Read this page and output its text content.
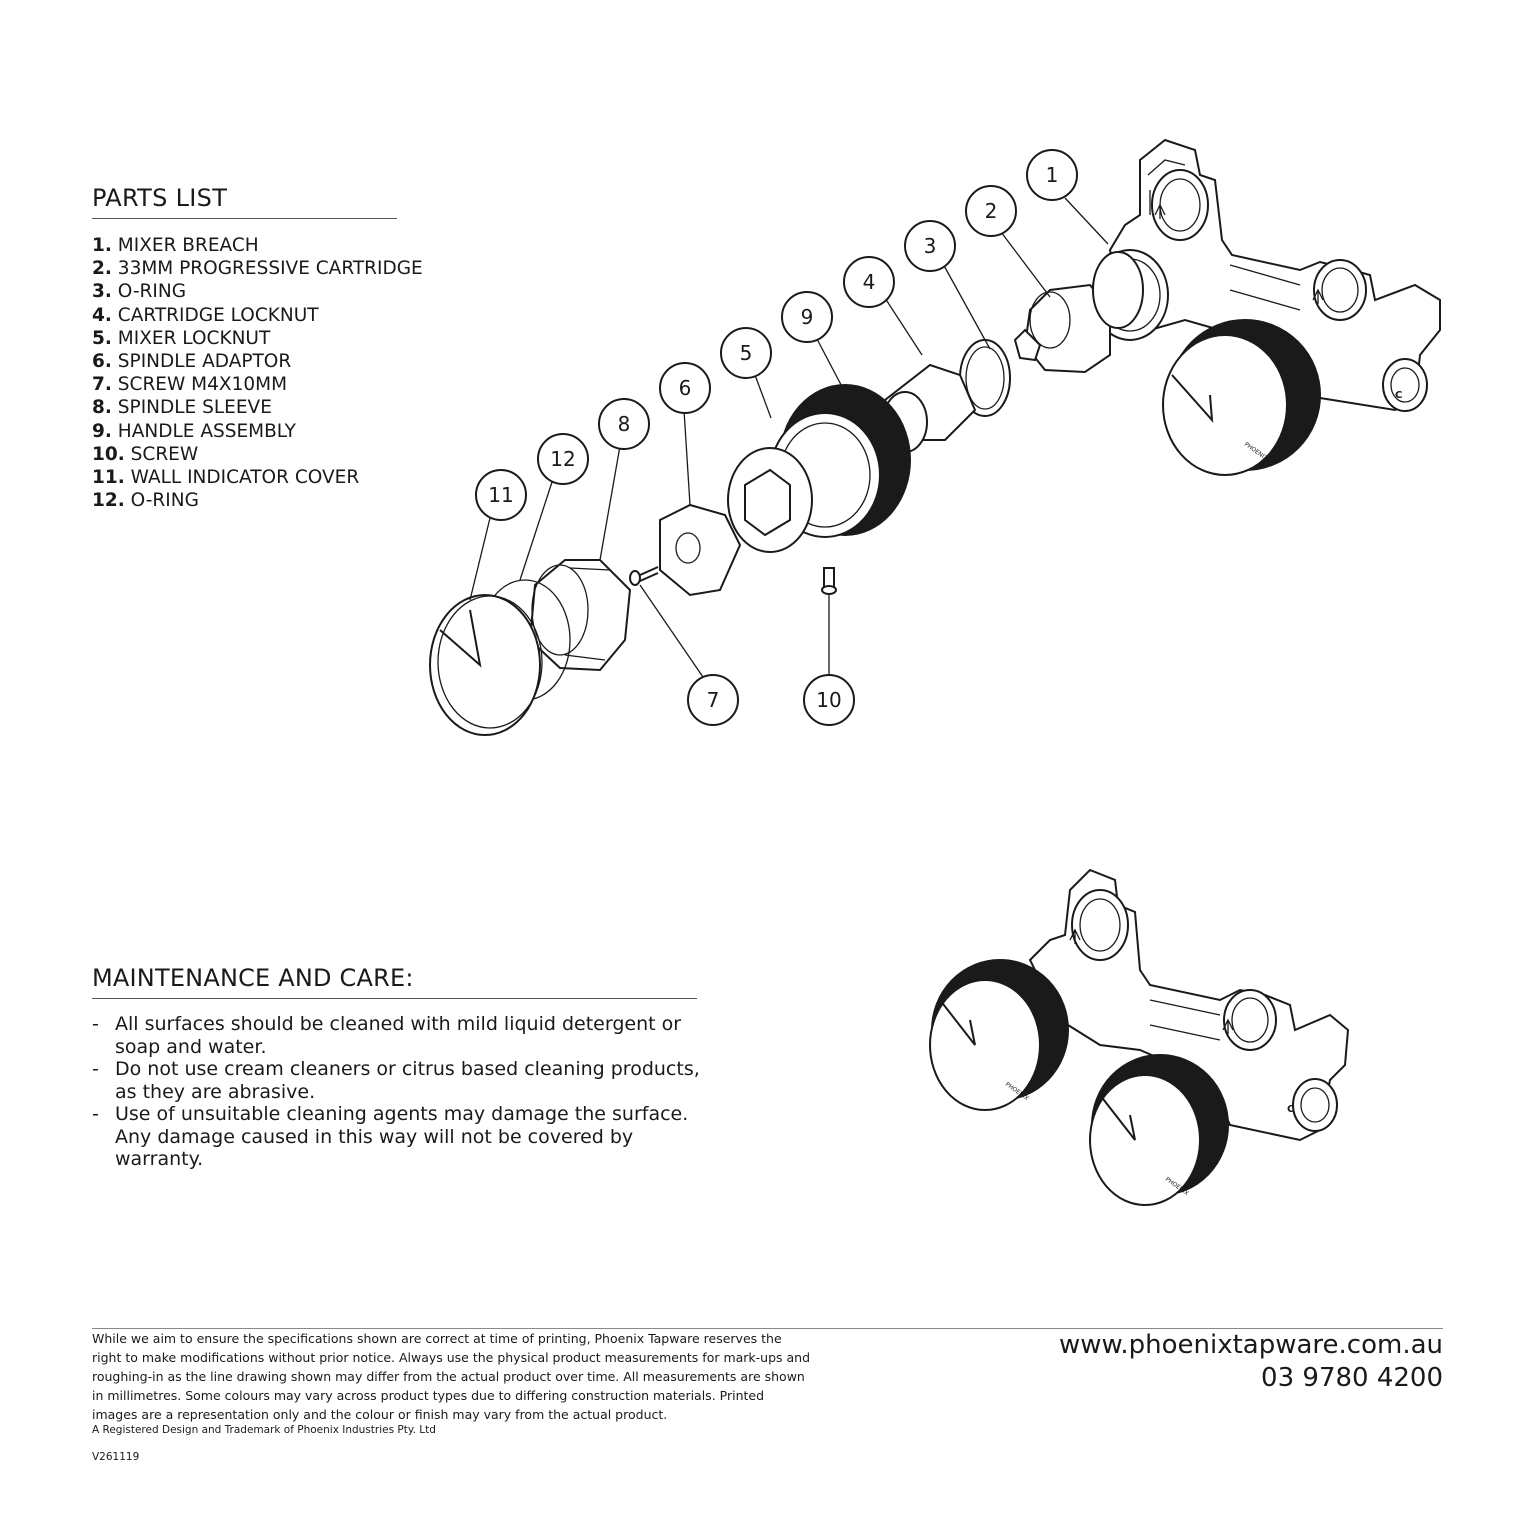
PARTS LIST
1. MIXER BREACH
2. 33MM PROGRESSIVE CARTRIDGE
3. O-RING
4. CARTRIDGE LOCKNUT
5. MIXER LOCKNUT
6. SPINDLE ADAPTOR
7. SCREW M4X10MM
8. SPINDLE SLEEVE
9. HANDLE ASSEMBLY
10. SCREW
11. WALL INDICATOR COVER
12. O-RING
C
PHOENIX
1
2
3
4
9
5
6
8
12
11
7	10
C
PHOENIX
PHOENIX
MAINTENANCE AND CARE:
- All surfaces should be cleaned with mild liquid detergent or soap and water.
- Do not use cream cleaners or citrus based cleaning products, as they are abrasive.
- Use of unsuitable cleaning agents may damage the surface. Any damage caused in this way will not be covered by warranty.
While we aim to ensure the specifications shown are correct at time of printing, Phoenix Tapware reserves the right to make modifications without prior notice. Always use the physical product measurements for mark-ups and roughing-in as the line drawing shown may differ from the actual product over time. All measurements are shown in millimetres. Some colours may vary across product types due to differing construction materials. Printed images are a representation only and the colour or finish may vary from the actual product.
A Registered Design and Trademark of Phoenix Industries Pty. Ltd
V261119
www.phoenixtapware.com.au
03 9780 4200
